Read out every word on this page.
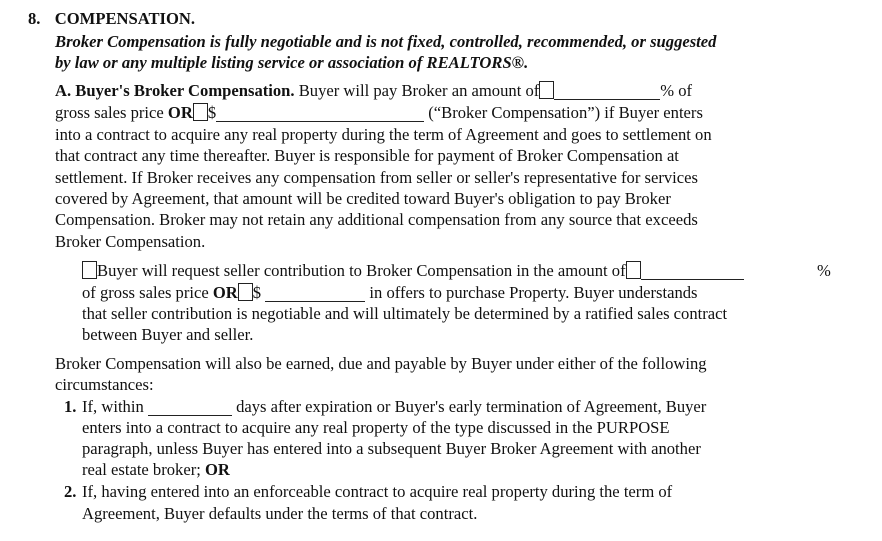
8. COMPENSATION.
Broker Compensation is fully negotiable and is not fixed, controlled, recommended, or suggested
by law or any multiple listing service or association of REALTORS®.
A. Buyer's Broker Compensation. Buyer will pay Broker an amount of	% of
gross sales price OR $	(“Broker Compensation”) if Buyer enters
into a contract to acquire any real property during the term of Agreement and goes to settlement on
that contract any time thereafter. Buyer is responsible for payment of Broker Compensation at
settlement. If Broker receives any compensation from seller or seller's representative for services
covered by Agreement, that amount will be credited toward Buyer's obligation to pay Broker
Compensation. Broker may not retain any additional compensation from any source that exceeds
Broker Compensation.
Buyer will request seller contribution to Broker Compensation in the amount of	%
of gross sales price OR $	in offers to purchase Property. Buyer understands
that seller contribution is negotiable and will ultimately be determined by a ratified sales contract
between Buyer and seller.
Broker Compensation will also be earned, due and payable by Buyer under either of the following
circumstances:
1. If, within	days after expiration or Buyer's early termination of Agreement, Buyer
enters into a contract to acquire any real property of the type discussed in the PURPOSE
paragraph, unless Buyer has entered into a subsequent Buyer Broker Agreement with another
real estate broker; OR
2. If, having entered into an enforceable contract to acquire real property during the term of
Agreement, Buyer defaults under the terms of that contract.
